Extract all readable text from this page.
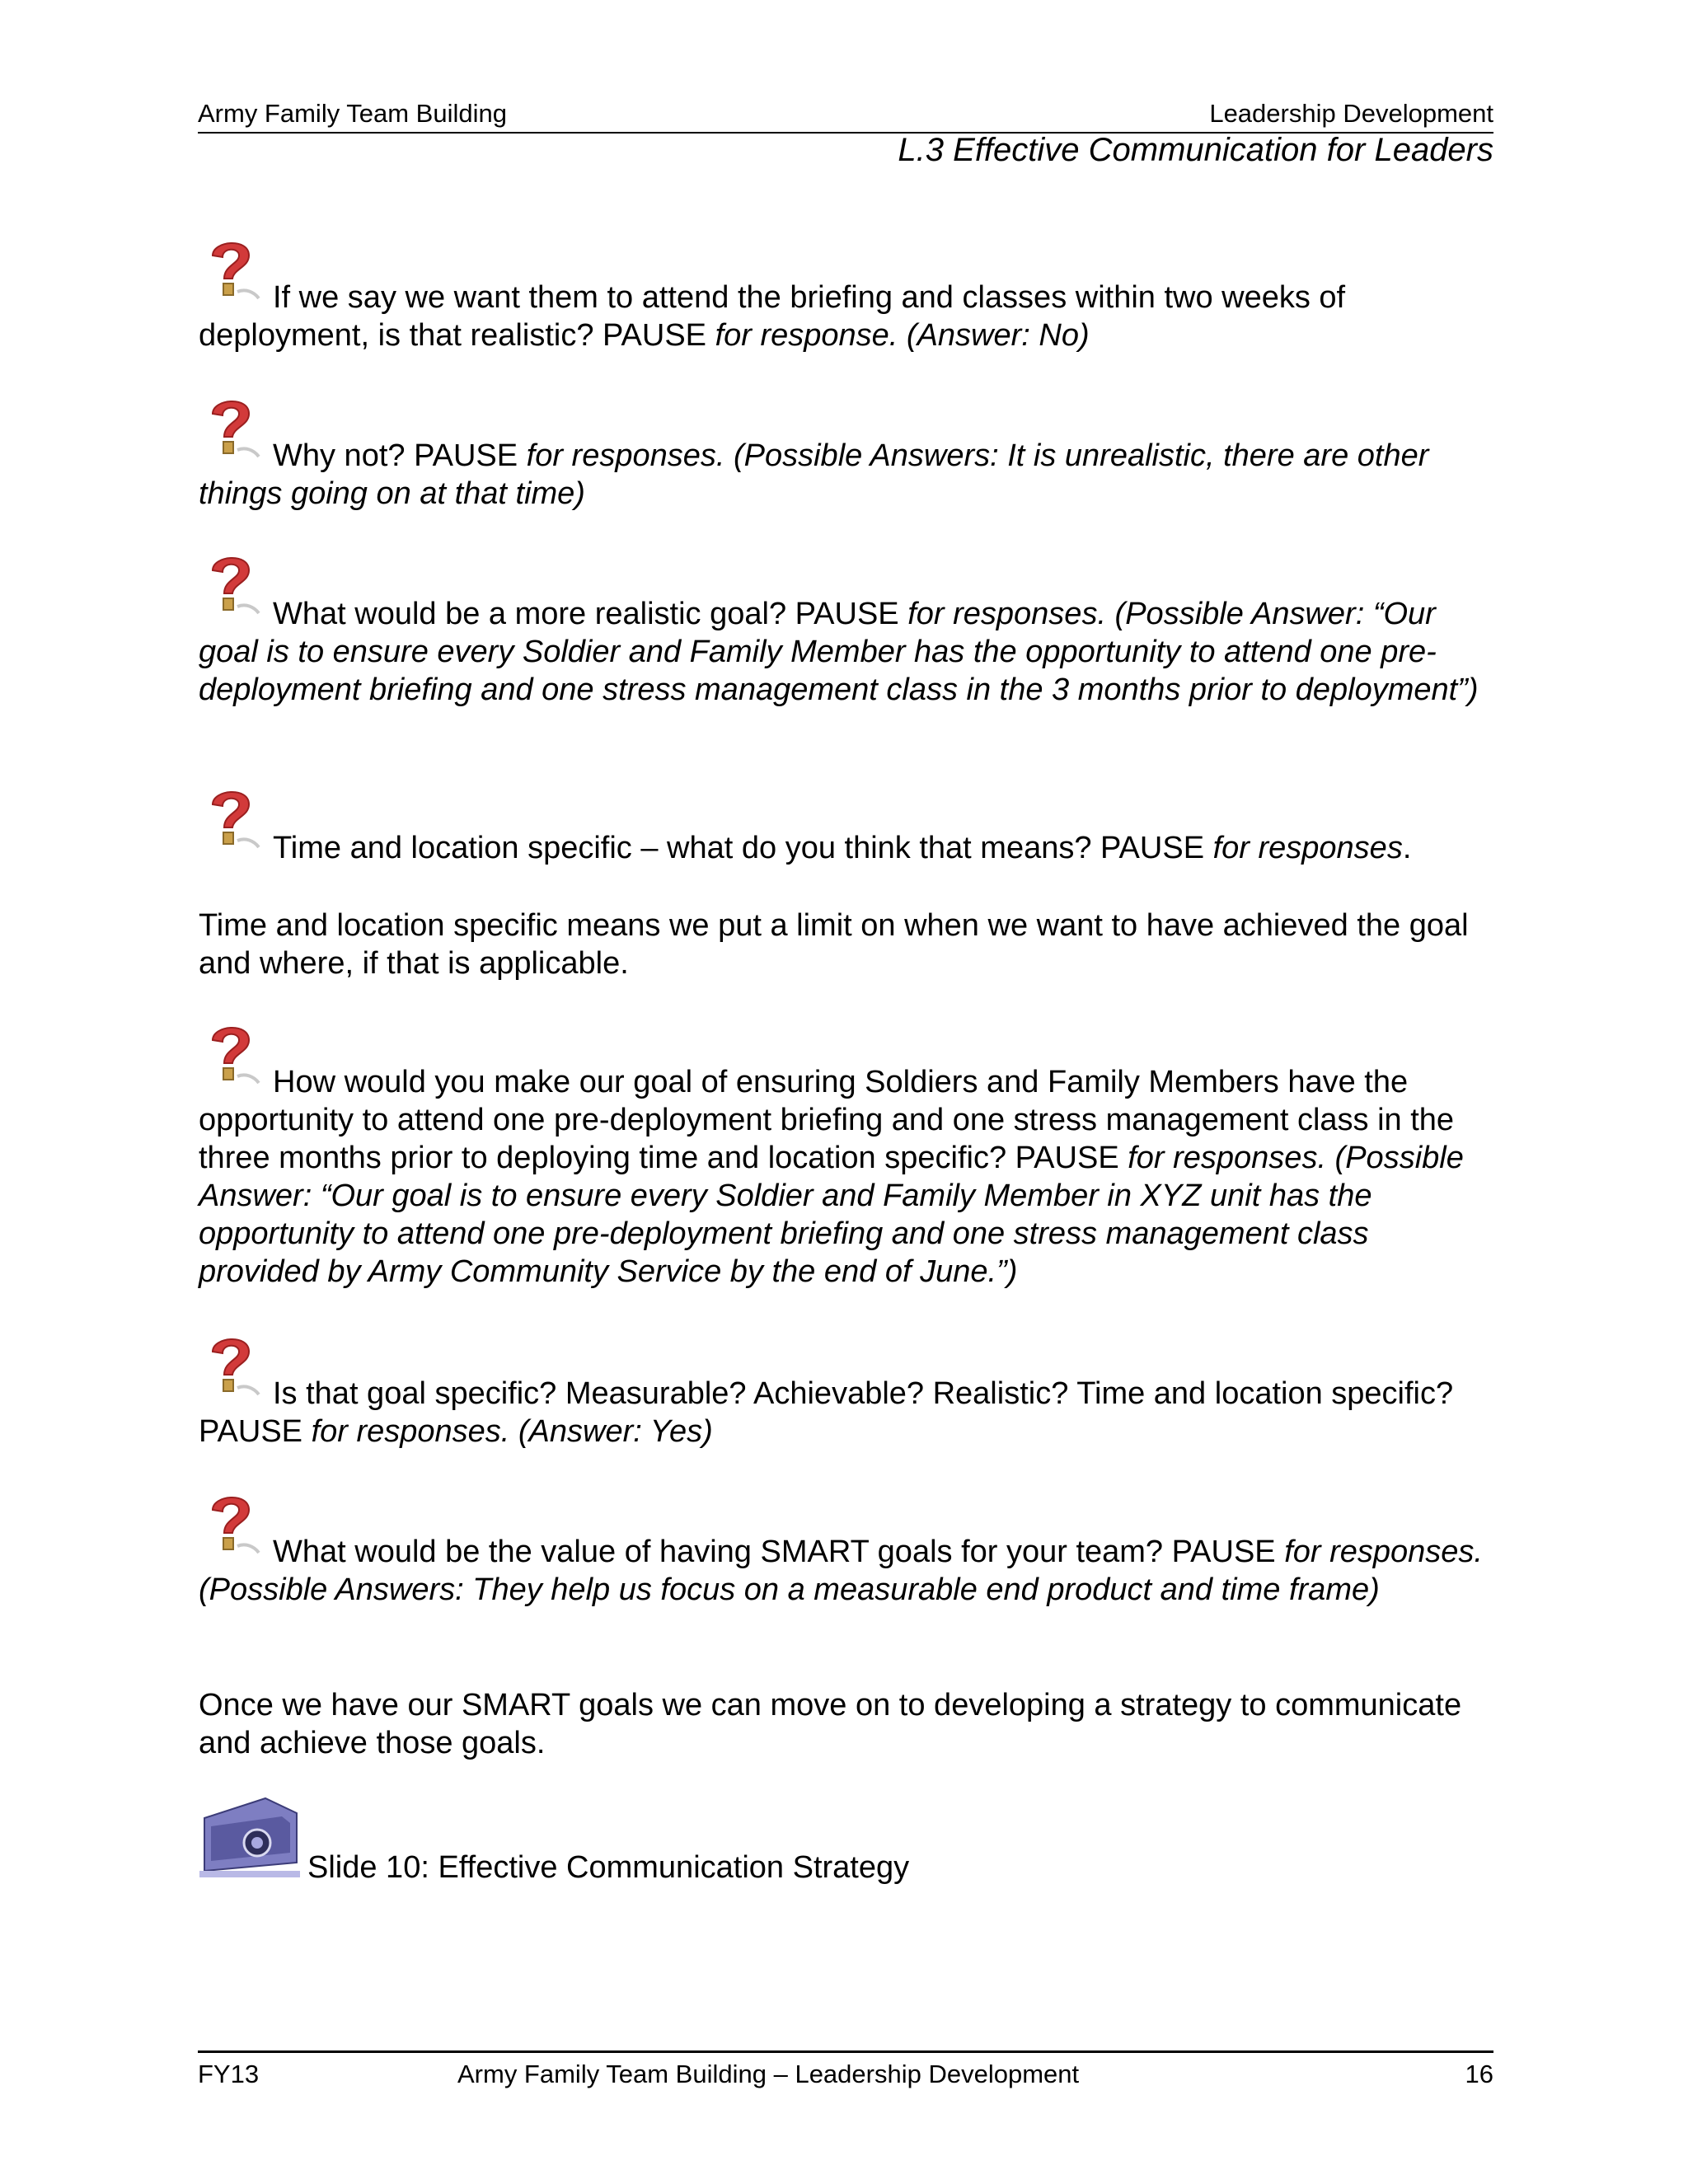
Army Family Team Building	Leadership Development
L.3 Effective Communication for Leaders
If we say we want them to attend the briefing and classes within two weeks of deployment, is that realistic? PAUSE for response. (Answer: No)
Why not? PAUSE for responses. (Possible Answers: It is unrealistic, there are other things going on at that time)
What would be a more realistic goal? PAUSE for responses. (Possible Answer: “Our goal is to ensure every Soldier and Family Member has the opportunity to attend one pre-deployment briefing and one stress management class in the 3 months prior to deployment”)
Time and location specific – what do you think that means? PAUSE for responses.
Time and location specific means we put a limit on when we want to have achieved the goal and where, if that is applicable.
How would you make our goal of ensuring Soldiers and Family Members have the opportunity to attend one pre-deployment briefing and one stress management class in the three months prior to deploying time and location specific? PAUSE for responses. (Possible Answer: “Our goal is to ensure every Soldier and Family Member in XYZ unit has the opportunity to attend one pre-deployment briefing and one stress management class provided by Army Community Service by the end of June.”)
Is that goal specific? Measurable? Achievable? Realistic? Time and location specific? PAUSE for responses. (Answer: Yes)
What would be the value of having SMART goals for your team? PAUSE for responses. (Possible Answers: They help us focus on a measurable end product and time frame)
Once we have our SMART goals we can move on to developing a strategy to communicate and achieve those goals.
Slide 10: Effective Communication Strategy
FY13	Army Family Team Building – Leadership Development	16
